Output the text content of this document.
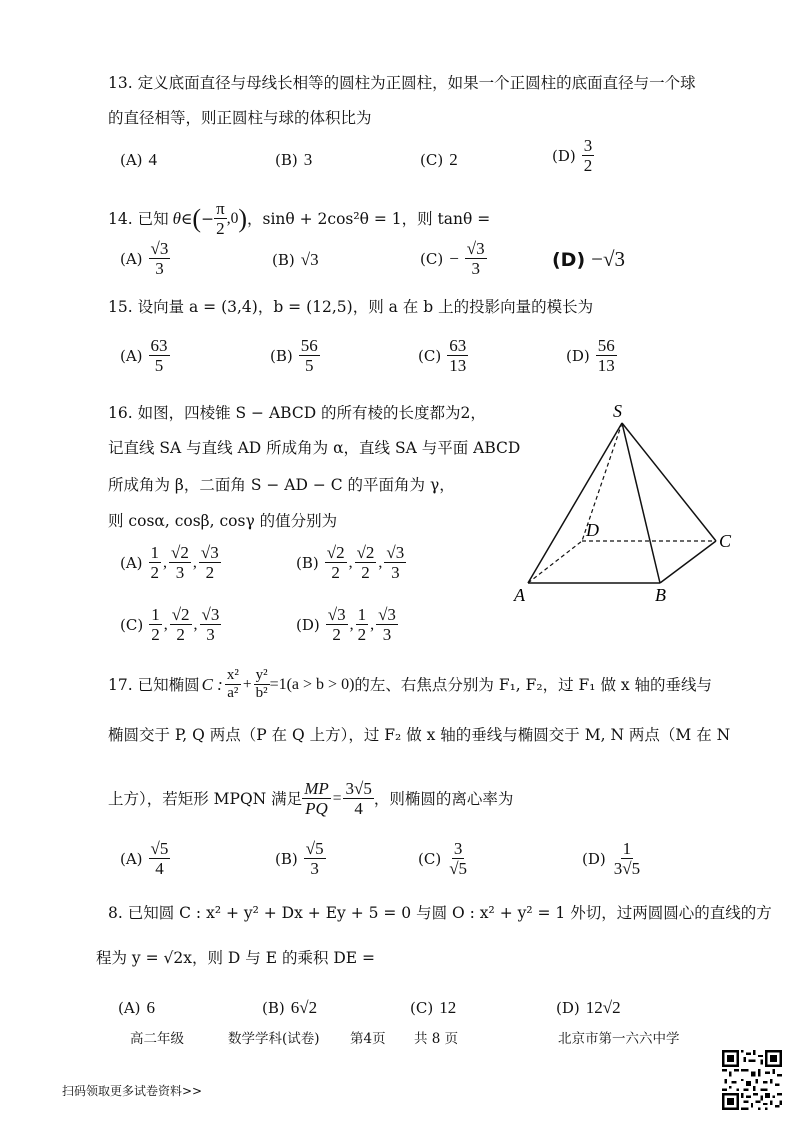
13. 定义底面直径与母线长相等的圆柱为正圆柱，如果一个正圆柱的底面直径与一个球
的直径相等，则正圆柱与球的体积比为
(A) 4	(B) 3	(C) 2	$(D) \frac{3}{2}$
14. 已知 θ ∈ ( − $\frac{\pi}{2} ,0$ ) ，sinθ + 2cos²θ = 1，则 tanθ =
$(A) \frac{√3}{3}$	(B) √3	$(C) - \frac{√3}{3}$	(D) −√3
15. 设向量 a = (3,4)，b = (12,5)，则 a 在 b 上的投影向量的模长为
$(A) \frac{63}{5}$	$(B) \frac{56}{5}$	$(C) \frac{63}{13}$	$(D) \frac{56}{13}$
16. 如图，四棱锥 S − ABCD 的所有棱的长度都为2，
记直线 SA 与直线 AD 所成角为 α，直线 SA 与平面 ABCD
所成角为 β，二面角 S − AD − C 的平面角为 γ，
则 cosα, cosβ, cosγ 的值分别为
$(A) \frac{1}{2}$ , $\frac{√2}{3}$ , $\frac{√3}{2}$	$(B) \frac{√2}{2}$ , $\frac{√2}{2}$ , $\frac{√3}{3}$
$(C) \frac{1}{2}$ , $\frac{√2}{2}$ , $\frac{√3}{3}$	$(D) \frac{√3}{2}$ , $\frac{1}{2}$ , $\frac{√3}{3}$
S
A	B
C
D
17. 已知椭圆 C : $\frac{\text{x²}}{\text{a²}} + \frac{\text{y²}}{\text{b²}} =1(a > b > 0)$ 的左、右焦点分别为 F₁, F₂，过 F₁ 做 x 轴的垂线与
椭圆交于 P, Q 两点（P 在 Q 上方），过 F₂ 做 x 轴的垂线与椭圆交于 M, N 两点（M 在 N
上方），若矩形 MPQN 满足 $\frac{MP}{PQ} = \frac{3√5}{4}$ ，则椭圆的离心率为
$(A) \frac{√5}{4}$	$(B) \frac{√5}{3}$	$(C) \frac{3}{√5}$	$(D) \frac{1}{3√5}$
8. 已知圆 C : x² + y² + Dx + Ey + 5 = 0 与圆 O : x² + y² = 1 外切，过两圆圆心的直线的方
程为 y = √2x，则 D 与 E 的乘积 DE =
(A) 6	(B) 6√2	(C) 12	(D) 12√2
高二年级	数学学科(试卷) 第4页 共 8 页	北京市第一六六中学
扫码领取更多试卷资料>>
